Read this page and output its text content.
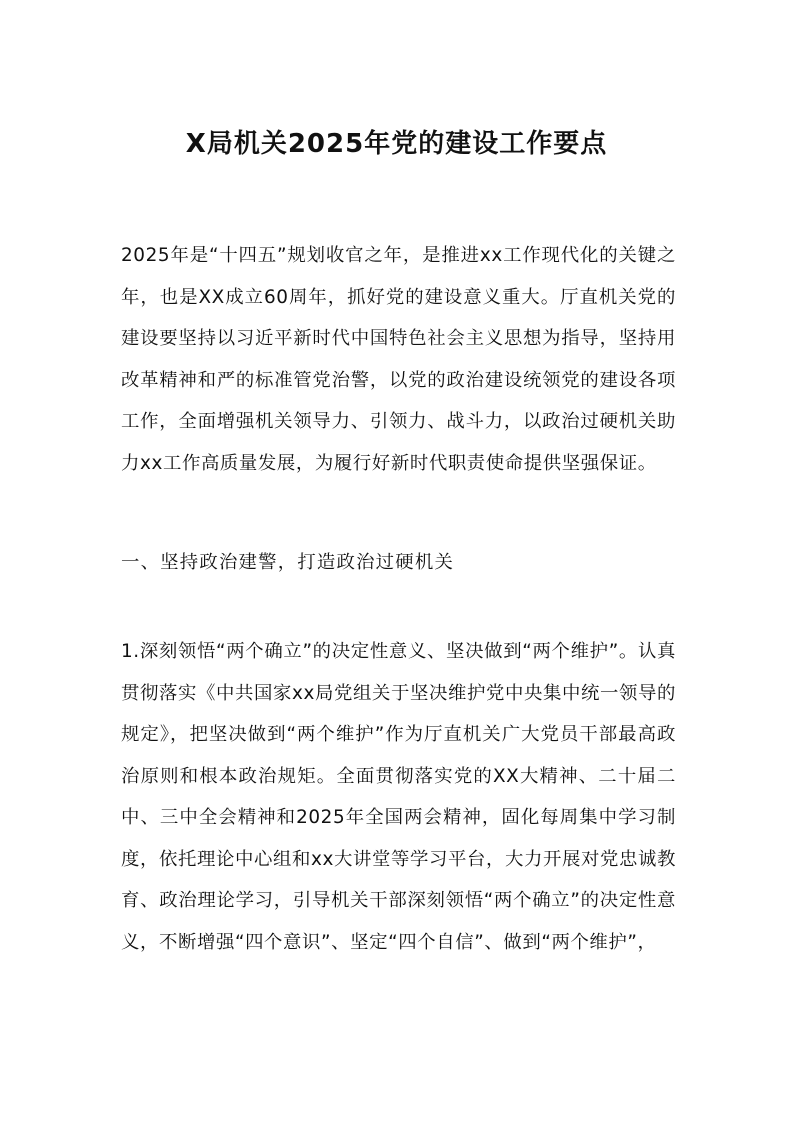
X局机关2025年党的建设工作要点

2025年是“十四五”规划收官之年，是推进xx工作现代化的关键之年，也是XX成立60周年，抓好党的建设意义重大。厅直机关党的建设要坚持以习近平新时代中国特色社会主义思想为指导，坚持用改革精神和严的标准管党治警，以党的政治建设统领党的建设各项工作，全面增强机关领导力、引领力、战斗力，以政治过硬机关助力xx工作高质量发展，为履行好新时代职责使命提供坚强保证。

一、坚持政治建警，打造政治过硬机关

1.深刻领悟“两个确立”的决定性意义、坚决做到“两个维护”。认真贯彻落实《中共国家xx局党组关于坚决维护党中央集中统一领导的规定》，把坚决做到“两个维护”作为厅直机关广大党员干部最高政治原则和根本政治规矩。全面贯彻落实党的XX大精神、二十届二中、三中全会精神和2025年全国两会精神，固化每周集中学习制度，依托理论中心组和xx大讲堂等学习平台，大力开展对党忠诚教育、政治理论学习，引导机关干部深刻领悟“两个确立”的决定性意义，不断增强“四个意识”、坚定“四个自信”、做到“两个维护”，
